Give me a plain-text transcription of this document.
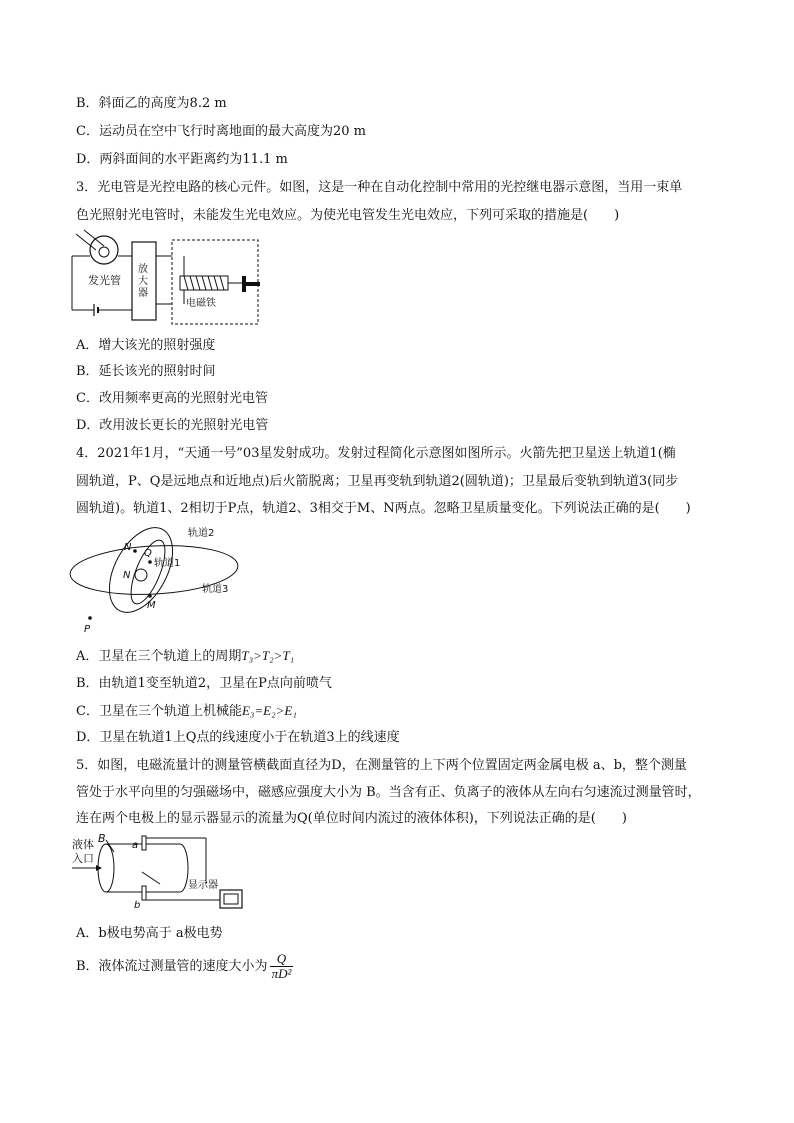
B．斜面乙的高度为8.2 m
C．运动员在空中飞行时离地面的最大高度为20 m
D．两斜面间的水平距离约为11.1 m
3．光电管是光控电路的核心元件。如图，这是一种在自动化控制中常用的光控继电器示意图，当用一束单
色光照射光电管时，未能发生光电效应。为使光电管发生光电效应，下列可采取的措施是(　　)
发光管
放
大
器
电磁铁
A．增大该光的照射强度
B．延长该光的照射时间
C．改用频率更高的光照射光电管
D．改用波长更长的光照射光电管
4．2021年1月，“天通一号”03星发射成功。发射过程简化示意图如图所示。火箭先把卫星送上轨道1(椭
圆轨道，P、Q是远地点和近地点)后火箭脱离；卫星再变轨到轨道2(圆轨道)；卫星最后变轨到轨道3(同步
圆轨道)。轨道1、2相切于P点，轨道2、3相交于M、N两点。忽略卫星质量变化。下列说法正确的是(　　)
N
Q
N
M
P
轨道2
轨道1
轨道3
A．卫星在三个轨道上的周期T₃>T₂>T₁
B．由轨道1变至轨道2，卫星在P点向前喷气
C．卫星在三个轨道上机械能E₃=E₂>E₁
D．卫星在轨道1上Q点的线速度小于在轨道3上的线速度
5．如图，电磁流量计的测量管横截面直径为D，在测量管的上下两个位置固定两金属电极 a、b，整个测量
管处于水平向里的匀强磁场中，磁感应强度大小为 B。当含有正、负离子的液体从左向右匀速流过测量管时，
连在两个电极上的显示器显示的流量为Q(单位时间内流过的液体体积)，下列说法正确的是(　　)
液体
入口
B
a
b
显示器
A．b极电势高于 a极电势
B．液体流过测量管的速度大小为 $\frac{Q}{\text{πD²}}$
